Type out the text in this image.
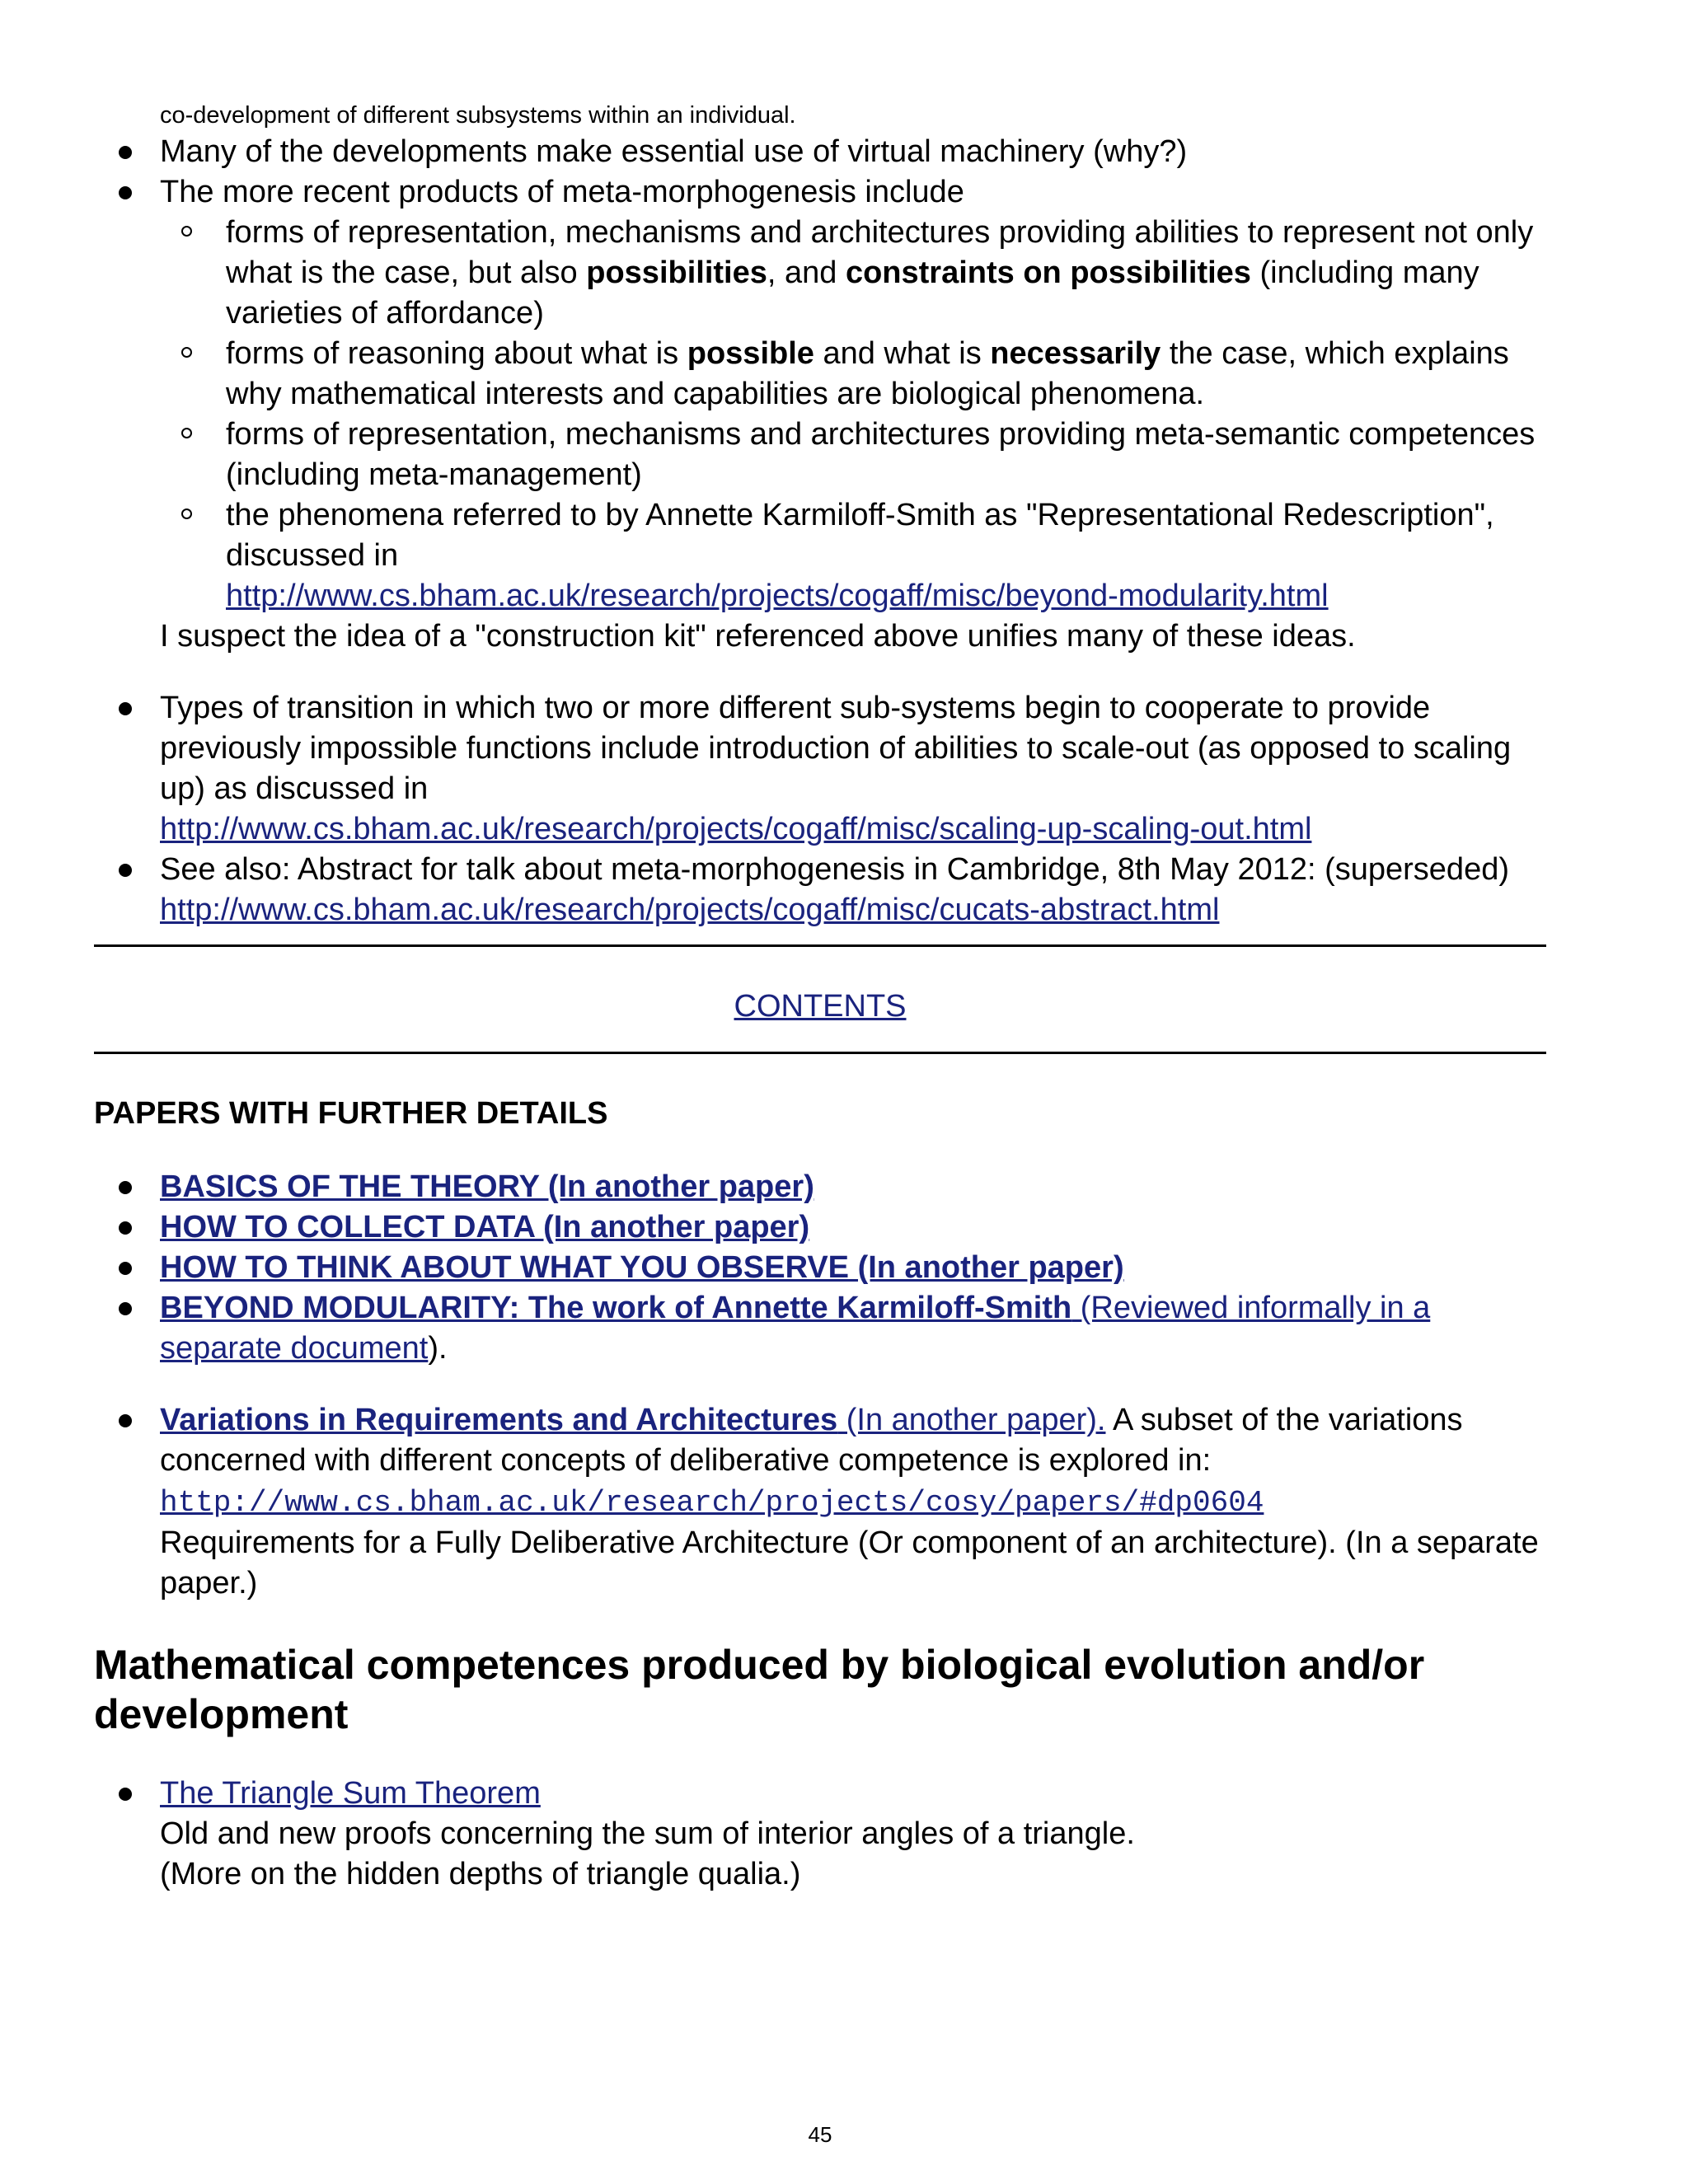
co-development of different subsystems within an individual.
Many of the developments make essential use of virtual machinery (why?)
The more recent products of meta-morphogenesis include
forms of representation, mechanisms and architectures providing abilities to represent not only what is the case, but also possibilities, and constraints on possibilities (including many varieties of affordance)
forms of reasoning about what is possible and what is necessarily the case, which explains why mathematical interests and capabilities are biological phenomena.
forms of representation, mechanisms and architectures providing meta-semantic competences (including meta-management)
the phenomena referred to by Annette Karmiloff-Smith as "Representational Redescription", discussed in
http://www.cs.bham.ac.uk/research/projects/cogaff/misc/beyond-modularity.html
I suspect the idea of a "construction kit" referenced above unifies many of these ideas.
Types of transition in which two or more different sub-systems begin to cooperate to provide previously impossible functions include introduction of abilities to scale-out (as opposed to scaling up) as discussed in
http://www.cs.bham.ac.uk/research/projects/cogaff/misc/scaling-up-scaling-out.html
See also: Abstract for talk about meta-morphogenesis in Cambridge, 8th May 2012: (superseded) http://www.cs.bham.ac.uk/research/projects/cogaff/misc/cucats-abstract.html
CONTENTS
PAPERS WITH FURTHER DETAILS
BASICS OF THE THEORY (In another paper)
HOW TO COLLECT DATA (In another paper)
HOW TO THINK ABOUT WHAT YOU OBSERVE (In another paper)
BEYOND MODULARITY: The work of Annette Karmiloff-Smith (Reviewed informally in a separate document).
Variations in Requirements and Architectures (In another paper). A subset of the variations concerned with different concepts of deliberative competence is explored in:
http://www.cs.bham.ac.uk/research/projects/cosy/papers/#dp0604
Requirements for a Fully Deliberative Architecture (Or component of an architecture). (In a separate paper.)
Mathematical competences produced by biological evolution and/or development
The Triangle Sum Theorem
Old and new proofs concerning the sum of interior angles of a triangle.
(More on the hidden depths of triangle qualia.)
45
